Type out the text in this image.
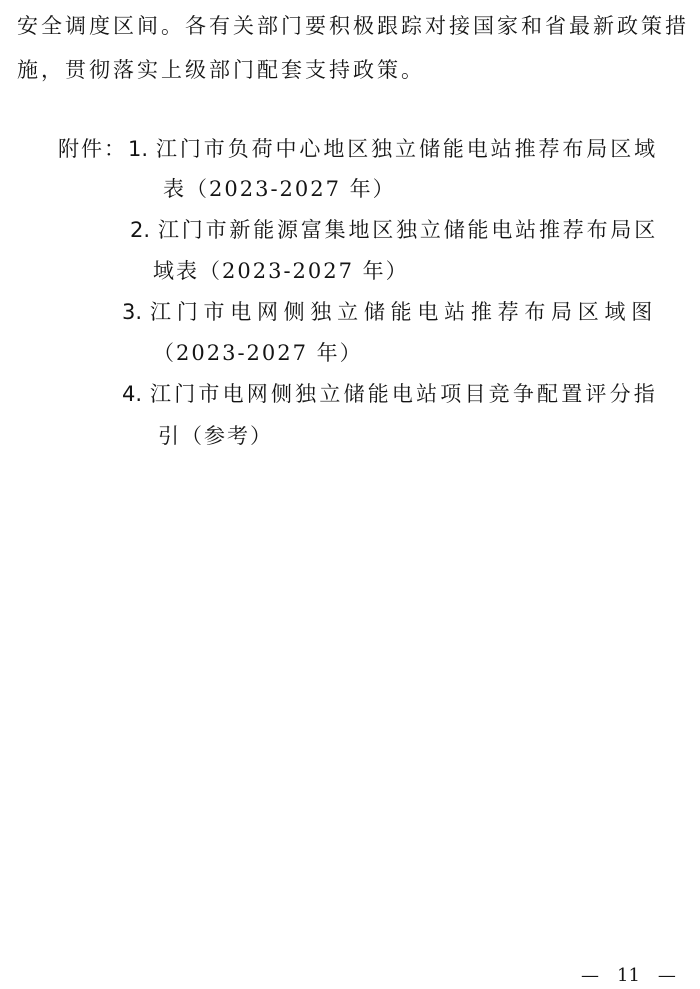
安全调度区间。各有关部门要积极跟踪对接国家和省最新政策措
施，贯彻落实上级部门配套支持政策。
附件： 1. 江门市负荷中心地区独立储能电站推荐布局区域
表（2023-2027 年）
2. 江门市新能源富集地区独立储能电站推荐布局区
域表（2023-2027 年）
3. 江门市电网侧独立储能电站推荐布局区域图
（2023-2027 年）
4. 江门市电网侧独立储能电站项目竞争配置评分指
引（参考）
— 11 —
